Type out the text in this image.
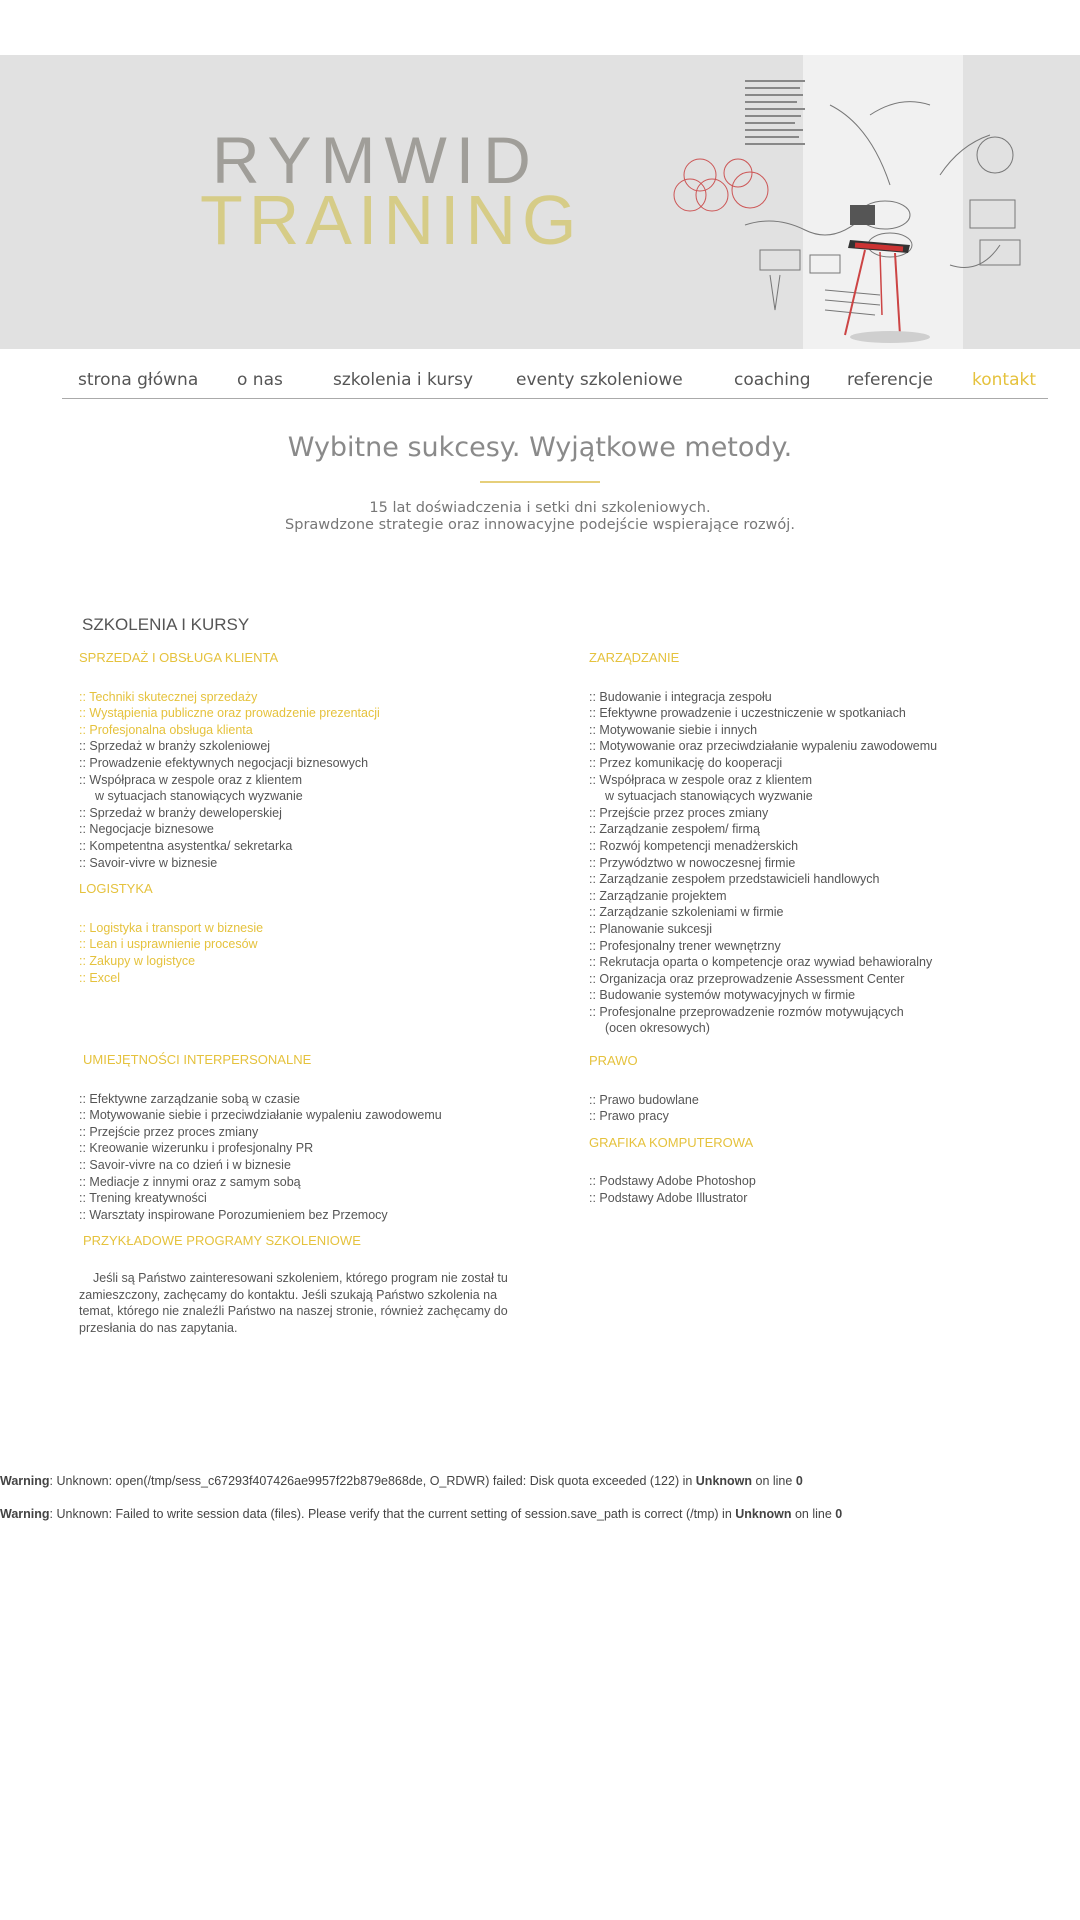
RYMWID
TRAINING
strona główna o nas	szkolenia i kursy	eventy szkoleniowe	coaching referencje kontakt
Wybitne sukcesy. Wyjątkowe metody.
15 lat doświadczenia i setki dni szkoleniowych.
Sprawdzone strategie oraz innowacyjne podejście wspierające rozwój.
SZKOLENIA I KURSY
SPRZEDAŻ I OBSŁUGA KLIENTA
:: Techniki skutecznej sprzedaży
:: Wystąpienia publiczne oraz prowadzenie prezentacji
:: Profesjonalna obsługa klienta
:: Sprzedaż w branży szkoleniowej
:: Prowadzenie efektywnych negocjacji biznesowych
:: Współpraca w zespole oraz z klientem
w sytuacjach stanowiących wyzwanie
:: Sprzedaż w branży deweloperskiej
:: Negocjacje biznesowe
:: Kompetentna asystentka/ sekretarka
:: Savoir-vivre w biznesie
LOGISTYKA
:: Logistyka i transport w biznesie
:: Lean i usprawnienie procesów
:: Zakupy w logistyce
:: Excel
UMIEJĘTNOŚCI INTERPERSONALNE
:: Efektywne zarządzanie sobą w czasie
:: Motywowanie siebie i przeciwdziałanie wypaleniu zawodowemu
:: Przejście przez proces zmiany
:: Kreowanie wizerunku i profesjonalny PR
:: Savoir-vivre na co dzień i w biznesie
:: Mediacje z innymi oraz z samym sobą
:: Trening kreatywności
:: Warsztaty inspirowane Porozumieniem bez Przemocy
PRZYKŁADOWE PROGRAMY SZKOLENIOWE
Jeśli są Państwo zainteresowani szkoleniem, którego program nie został tu zamieszczony, zachęcamy do kontaktu. Jeśli szukają Państwo szkolenia na temat, którego nie znaleźli Państwo na naszej stronie, również zachęcamy do przesłania do nas zapytania.
ZARZĄDZANIE
:: Budowanie i integracja zespołu
:: Efektywne prowadzenie i uczestniczenie w spotkaniach
:: Motywowanie siebie i innych
:: Motywowanie oraz przeciwdziałanie wypaleniu zawodowemu
:: Przez komunikację do kooperacji
:: Współpraca w zespole oraz z klientem
w sytuacjach stanowiących wyzwanie
:: Przejście przez proces zmiany
:: Zarządzanie zespołem/ firmą
:: Rozwój kompetencji menadżerskich
:: Przywództwo w nowoczesnej firmie
:: Zarządzanie zespołem przedstawicieli handlowych
:: Zarządzanie projektem
:: Zarządzanie szkoleniami w firmie
:: Planowanie sukcesji
:: Profesjonalny trener wewnętrzny
:: Rekrutacja oparta o kompetencje oraz wywiad behawioralny
:: Organizacja oraz przeprowadzenie Assessment Center
:: Budowanie systemów motywacyjnych w firmie
:: Profesjonalne przeprowadzenie rozmów motywujących
(ocen okresowych)
PRAWO
:: Prawo budowlane
:: Prawo pracy
GRAFIKA KOMPUTEROWA
:: Podstawy Adobe Photoshop
:: Podstawy Adobe Illustrator
Warning: Unknown: open(/tmp/sess_c67293f407426ae9957f22b879e868de, O_RDWR) failed: Disk quota exceeded (122) in Unknown on line 0
Warning: Unknown: Failed to write session data (files). Please verify that the current setting of session.save_path is correct (/tmp) in Unknown on line 0
